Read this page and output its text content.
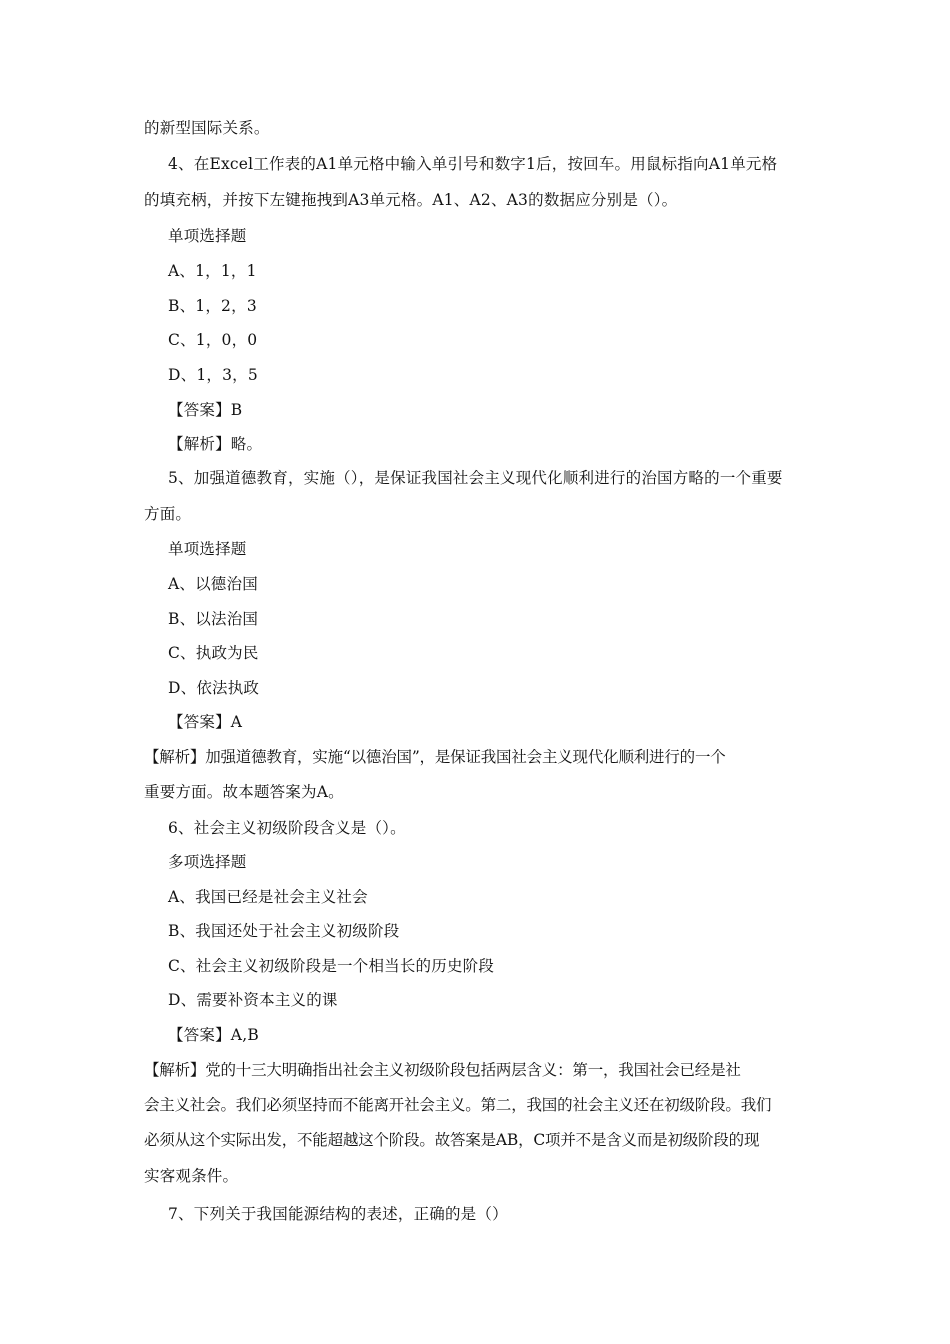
的新型国际关系。
4、在Excel工作表的A1单元格中输入单引号和数字1后，按回车。用鼠标指向A1单元格
的填充柄，并按下左键拖拽到A3单元格。A1、A2、A3的数据应分别是（）。
单项选择题
A、1，1，1
B、1，2，3
C、1，0，0
D、1，3，5
【答案】B
【解析】略。
5、加强道德教育，实施（），是保证我国社会主义现代化顺利进行的治国方略的一个重要
方面。
单项选择题
A、以德治国
B、以法治国
C、执政为民
D、依法执政
【答案】A
【解析】加强道德教育，实施“以德治国”，是保证我国社会主义现代化顺利进行的一个
重要方面。故本题答案为A。
6、社会主义初级阶段含义是（）。
多项选择题
A、我国已经是社会主义社会
B、我国还处于社会主义初级阶段
C、社会主义初级阶段是一个相当长的历史阶段
D、需要补资本主义的课
【答案】A,B
【解析】党的十三大明确指出社会主义初级阶段包括两层含义：第一，我国社会已经是社
会主义社会。我们必须坚持而不能离开社会主义。第二，我国的社会主义还在初级阶段。我们
必须从这个实际出发，不能超越这个阶段。故答案是AB，C项并不是含义而是初级阶段的现
实客观条件。
7、下列关于我国能源结构的表述，正确的是（）
